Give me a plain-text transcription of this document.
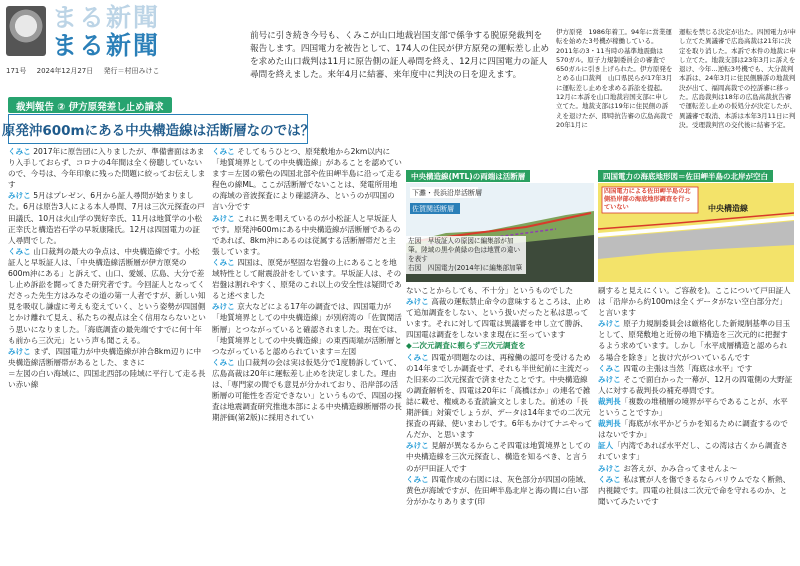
まる新聞
まる新聞
171号 2024年12月27日 発行＝村田みけこ
前号に引き続き今号も、くみこが山口地裁岩国支部で係争する脱原発裁判を報告します。四国電力を被告として、174人の住民が伊方原発の運転差し止めを求めた山口裁判は11月に原告側の証人尋問を終え、12月に四国電力の証人尋問を終えました。来年4月に結審、来年度中に判決の日を迎えます。
伊方原発　1986年着工。94年に営業運転を始めた3号機が稼働している。2011年の3・11当時の基準地震動は570ガル。原子力規制委員会の審査で650ガルに引き上げられた。伊方原発をとめる山口裁判　山口県民らが17年3月に運転差し止めを求める訴訟を提起。12月に本訴を山口地裁岩国支部に申し立てた。地裁支部は19年に住民側の訴えを退けたが、即時抗告審の広島高裁で20年1月に
運転を禁じる決定が出た。四国電力が申し立てた異議審で広島高裁は21年に決定を取り消した。本訴で本件の地裁に申し立てた。地裁支部は23年3月に訴えを退け、今年…逆転3号機でも、大分裁判本訴は、24年3月に住民側勝訴の地裁判決が出て、福岡高裁での控訴審に移った。広島裁判は18年の広島高裁抗告審で運転差し止めの仮処分が決定したが、異議審で取消、本訴は本年3月11日に判決。受理裁判官の交代後に結審予定。
裁判報告 ② 伊方原発差し止め請求
原発沖600mにある中央構造線は活断層なのでは？

くみこ 2017年に原告団に入りましたが、準備書面はあまり入手しておらず、コロナの4年間は全く傍聴していないので、今号は、今年印象に残った問題に絞ってお伝えします

みけこ 5月はプレゼン、6月から証人尋問が始まりました。6月は原告3人による本人尋問、7月は三次元探査の戸田議氏、10月は火山学の巽好幸氏、11月は地質学の小松正幸氏と構造岩石学の早坂康隆氏。12月は四国電力の証人尋問でした。

くみこ 山口裁判の最大の争点は、中央構造線です。小松証人と早坂証人は、「中央構造線活断層が伊方原発の600m沖にある」と訴えて、山口、愛媛、広島、大分で差し止め訴訟を闘ってきた研究者です。今回証人となってくださった先生方はみなその道の第一人者ですが、新しい知見を吸収し謙虚に考えも変えていく、という姿勢が四国側とかけ離れて見え、私たちの視点は全く信用ならないという思いになりました。「海底調査の最先端ですでに何十年も前から三次元」という声も聞こえる。

みけこ まず、四国電力が中央構造線が沖合8km辺りに中央構造線活断層帯があるとした、まさに

＝左図の白い海域に、四国北西部の陸域に平行して走る長い赤い線

くみこ そしてもうひとつ、原発敷地から2km以内に「地質境界としての中央構造線」があることを認めています＝左図の紫色の四国北部や佐田岬半島に沿って走る程色の線ML。ここが活断層でないことは、発電所用地の海域の音波探査により確認済み、というのが四国の言い分です

みけこ これに異を唱えているのが小松証人と早坂証人です。原発沖600mにある中央構造線が活断層であるのであれば、8km沖にあるのは従属する活断層帯だと主張しています。

くみこ 四国は、原発が堅固な岩盤の上にあることを地域特性として耐震設計をしています。早坂証人は、その岩盤は割れやすく、原発のこれ以上の安全性は疑問であると述べました

みけこ 京大などによる17年の調査では、四国電力が「地質境界としての中央構造線」が別府湾の「佐賀関活断層」とつながっていると確認されました。現在では、「地質境界としての中央構造線」の東西両端が活断層とつながっていると認められています＝左図

くみこ 山口裁判の会は実は仮処分で1度勝訴していて、広島高裁は20年に運転差し止めを決定しました。理由は、「専門家の間でも意見が分かれており、沿岸部の活断層の可能性を否定できない」というもので、四国の探査は地震調査研究推進本部による中央構造線断層帯の長期評価(第2版)に採用されてい

ないことからしても、不十分」というものでした

みけこ 高裁の運転禁止命令の意味するところは、止めて追加調査をしない、という扱いだったと私は思っています。それに対して四電は異議審を申し立て勝訴、四国電は調査をしないまま現在に至っています

◆二次元調査に頼らず三次元調査を

くみこ 四電が問題なのは、再稼働の認可を受けるための14年までしか調査せず、それも半世紀前に主流だった旧来の二次元探査で済ませたことです。中央構造線の調査解析を、四電は20年に「高橋ほか」の連名で雑誌に載せ、権威ある査読論文としました。前述の「長期評価」対策でしょうが、データは14年までの二次元探査の再録、使いまわしです。6年もかけてナニやってんだか、と思います

みけこ 見解が異なるからこそ四電は地質境界としての中央構造線を三次元探査し、構造を知るべき、と言うのが戸田証人です

くみこ 四電作成の右図には、灰色部分が四国の陸域、黄色が海域ですが、佐田岬半島北岸と海の間に白い部分がかなりあります(印

刷すると見えにくい。ご容赦を)。ここについて戸田証人は「沿岸から約100mは全くデータがない空白部分だ」と言います

みけこ 原子力規制委員会は厳格化した新規制基準の目玉として、原発敷地と近傍の地下構造を三次元的に把握するよう求めています。しかし「水平成層構造と認められる場合を除き」と抜け穴がついているんです

くみこ 四電の主張は当然「海底は水平」です

みけこ そこで面白かった一幕が、12月の四電側の大野証人に対する裁判長の補充尋問です。

裁判長「複数の堆積層の境界が平らであることが、水平ということですか」

裁判長「海底が水平かどうかを知るために調査するのではないですか」

証人「内湾であれば水平だし、この湾は古くから調査されています」

みけこ お答えが、かみ合ってませんよ～

くみこ 私は實が人を傷できるならバリウムでなく断熱、内視鏡です。四電の社員は二次元で命を守れるのか、と聞いてみたいです

中央構造線(MTL)の両端は活断層
下灘・長浜沿岸活断層
佐賀関活断層
四国電力の海底地形図＝佐田岬半島の北岸が空白
四国電力による佐田岬半島の北側沿岸部の海底地形調査を行っていない	中央構造線
左図　早坂証人の原図に編集部が加筆。陸域の黒や黄緑の色は地質の違いを表す
右図　四国電力(2014年)に編集部加筆
